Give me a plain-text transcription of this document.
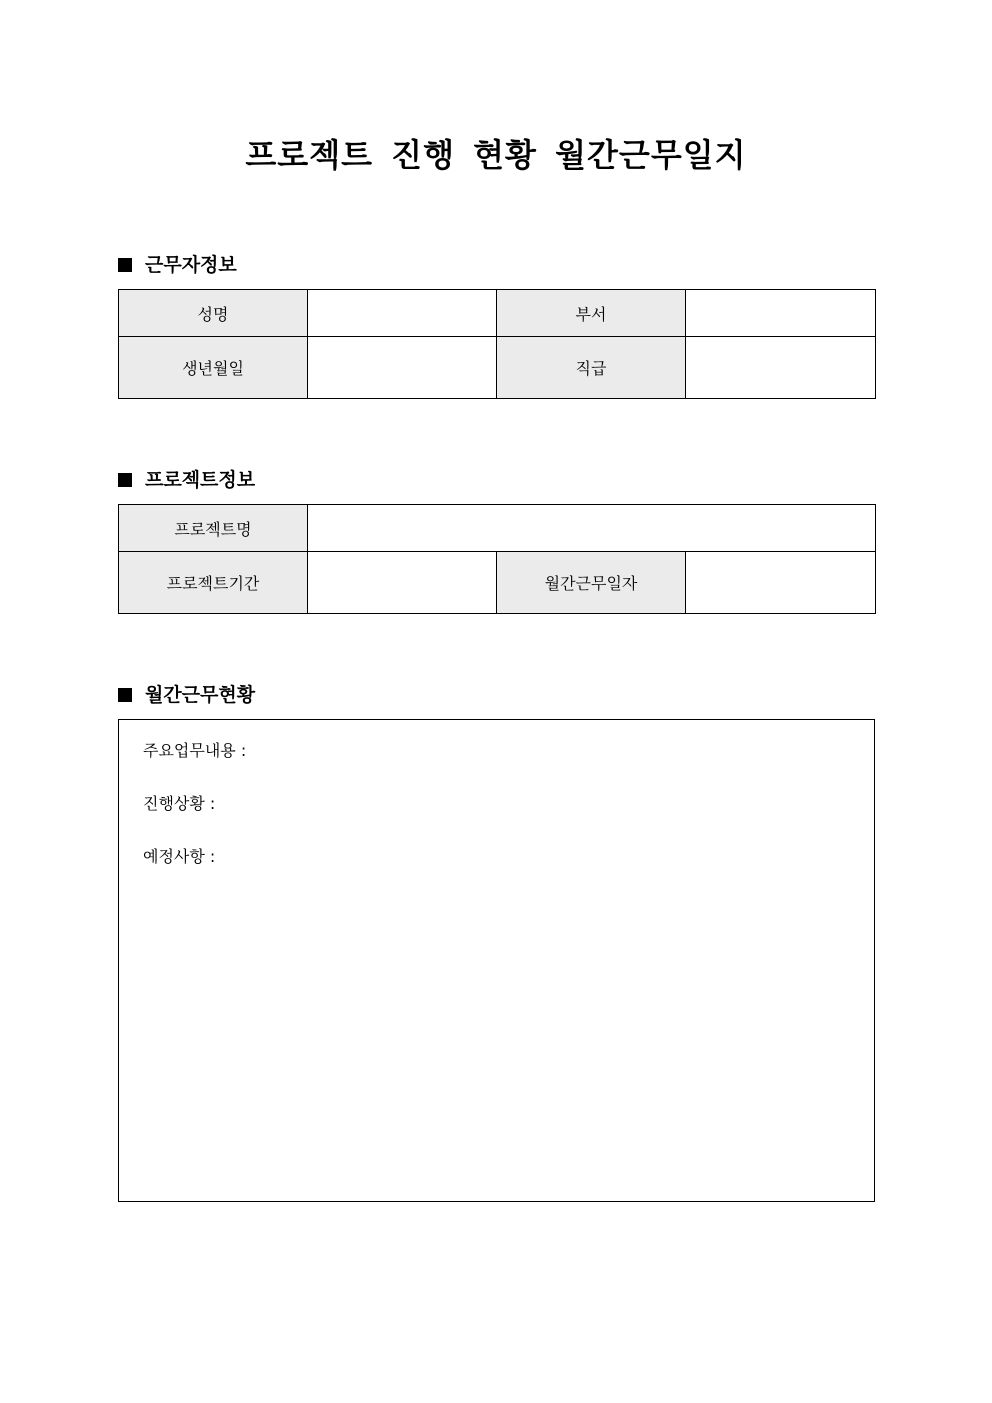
프로젝트 진행 현황 월간근무일지
근무자정보
성명		부서	
생년월일		직급	
프로젝트정보
프로젝트명			
프로젝트기간		월간근무일자	
월간근무현황
주요업무내용 :
진행상황 :
예정사항 :
